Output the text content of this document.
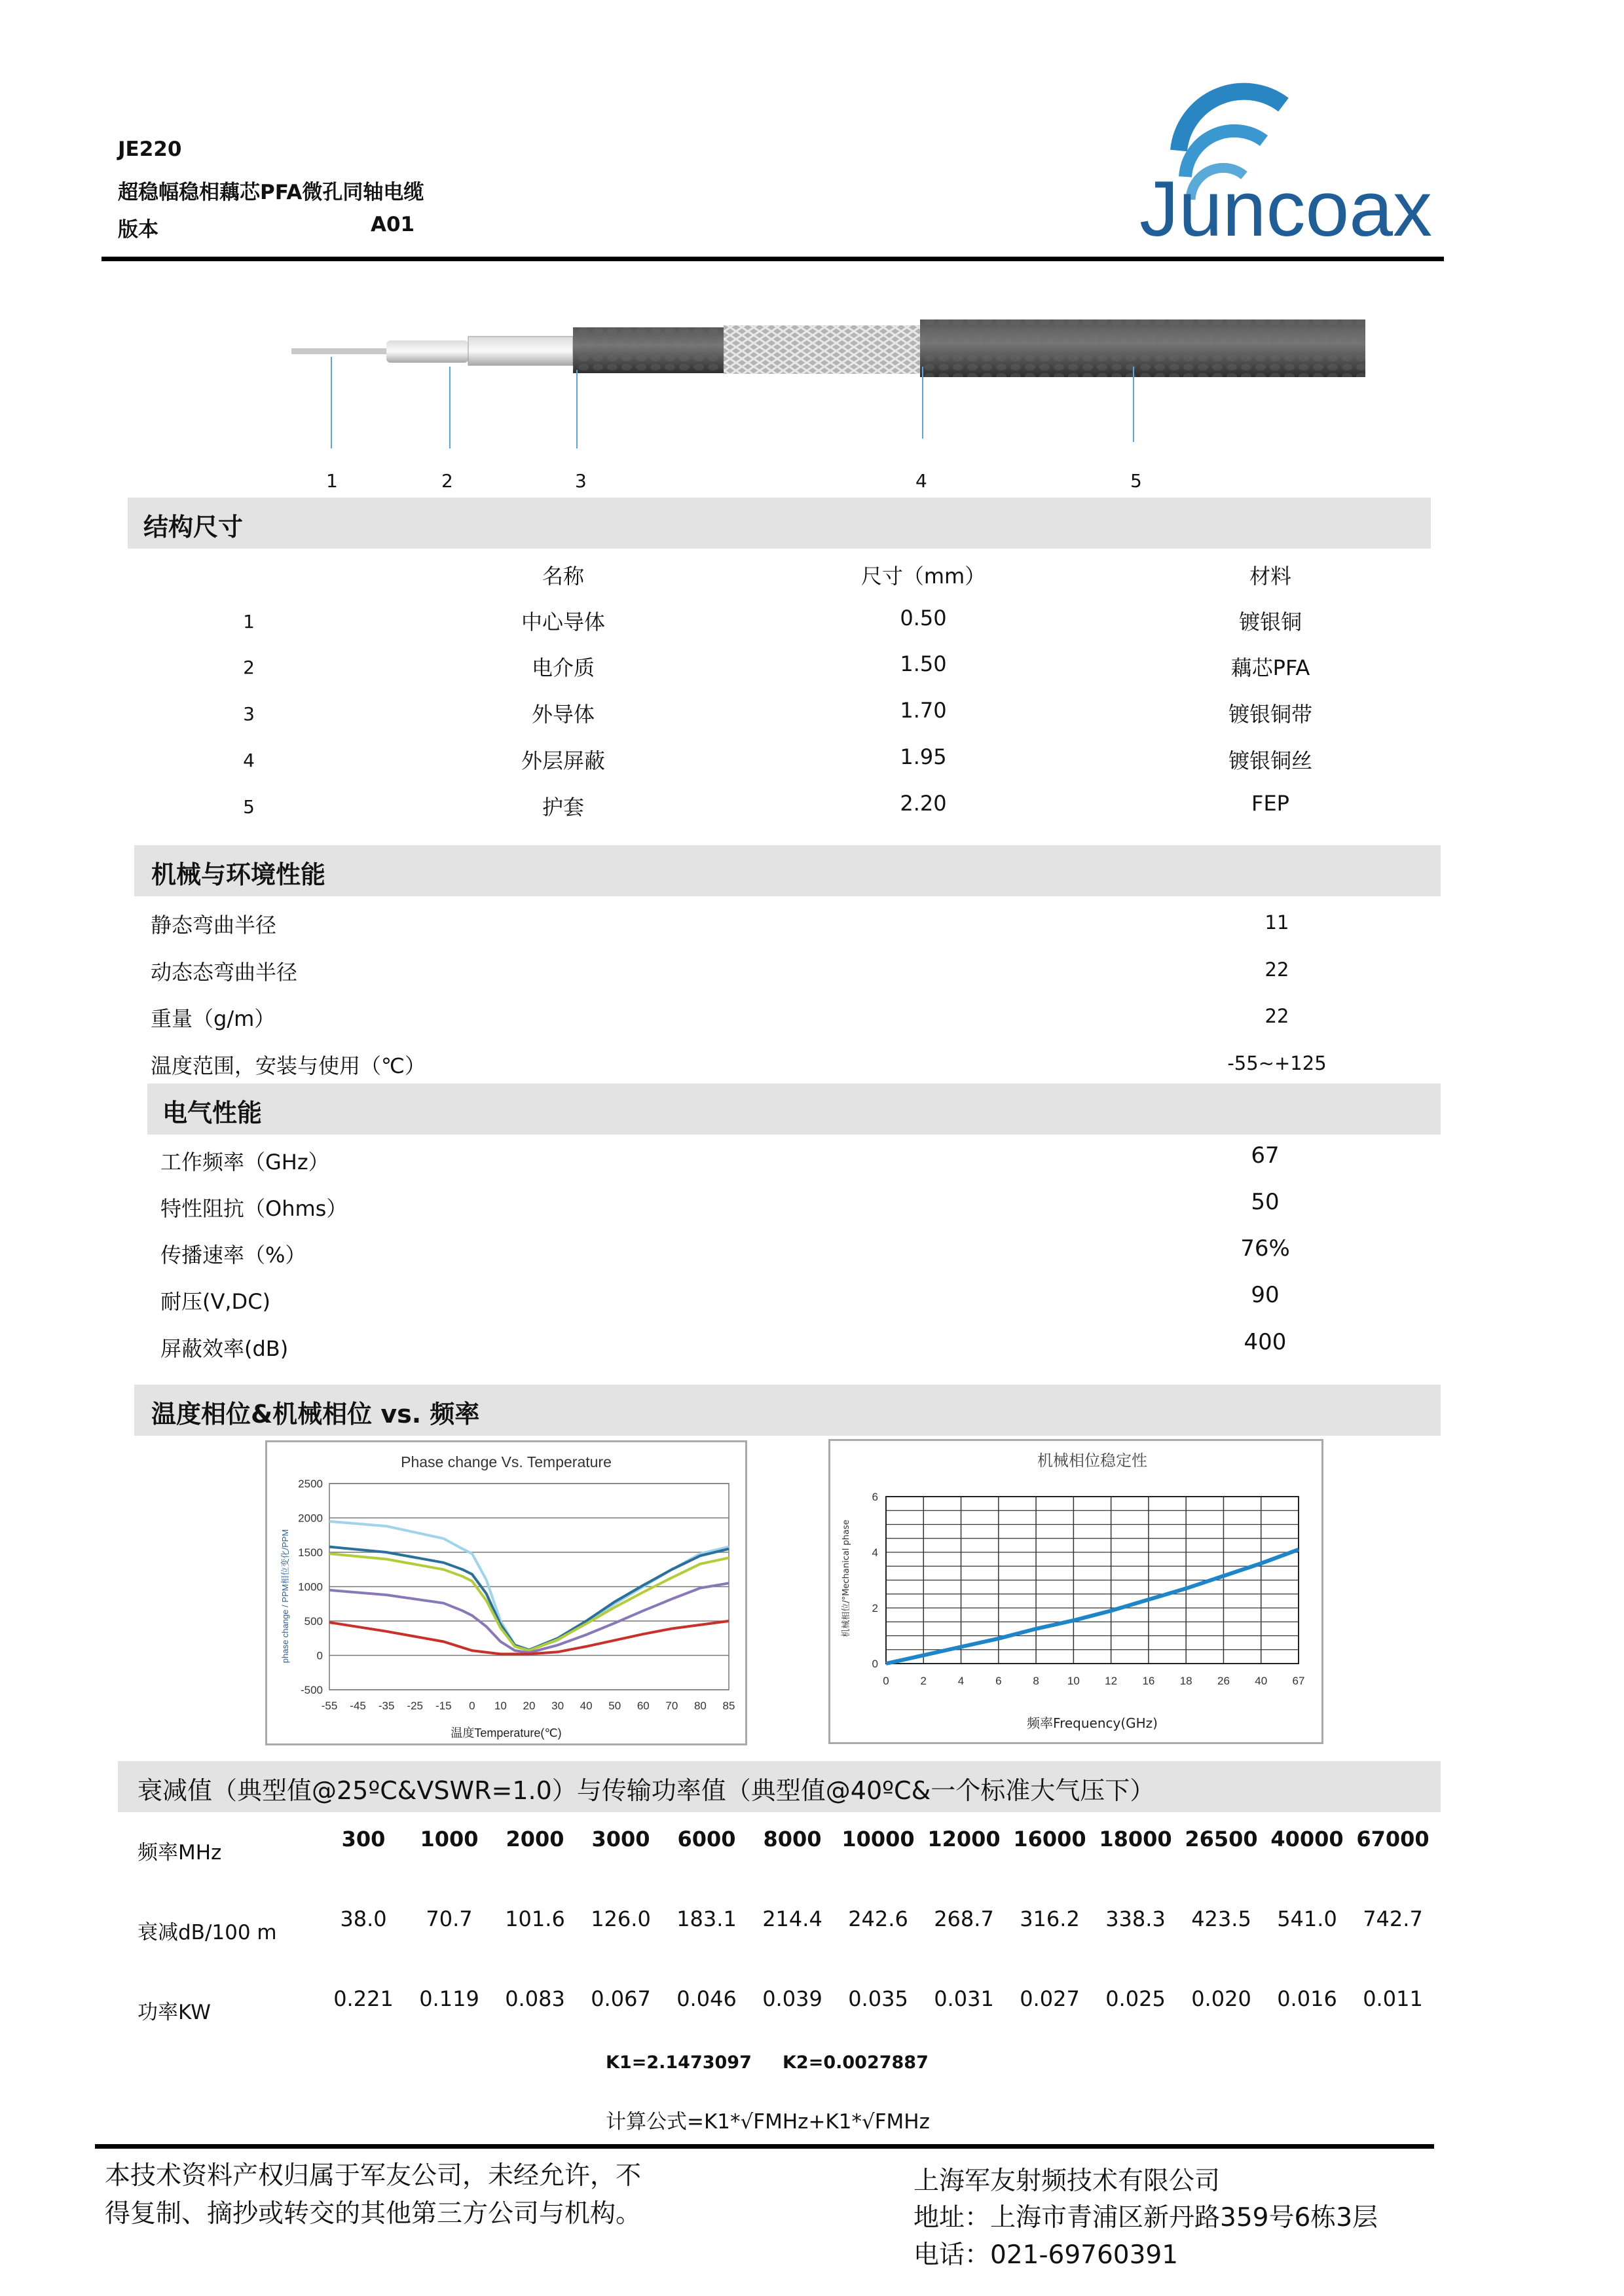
JE220
超稳幅稳相藕芯PFA微孔同轴电缆
版本	A01	Juncoax
1	2	3	4	5
结构尺寸
名称	尺寸（mm）	材料
1	中心导体	0.50	镀银铜
2	电介质	1.50	藕芯PFA
3	外导体	1.70	镀银铜带
4	外层屏蔽	1.95	镀银铜丝
5	护套	2.20	FEP
机械与环境性能
静态弯曲半径	11
动态态弯曲半径	22
重量（g/m）	22
温度范围，安装与使用（℃）	-55~+125
电气性能
工作频率（GHz）	67
特性阻抗（Ohms）	50
传播速率（%）	76%
耐压(V,DC)	90
屏蔽效率(dB)	400
温度相位&机械相位 vs. 频率
Phase change Vs. Temperature
phase change / PPM相位变化/PPM
温度Temperature(℃)
2500
2000
1500
1000
500
0
-500
-55 -45 -35 -25 -15 0 10 20 30 40 50 60 70 80 85
机械相位稳定性
机械相位/°Mechanical phase
频率Frequency(GHz)
0
2
4
6
0	2	4	6	8	10 12 16 18 26 40 67
衰减值（典型值@25ºC&VSWR=1.0）与传输功率值（典型值@40ºC&一个标准大气压下）
频率MHz
300	1000	2000	3000	6000	8000 10000 12000 16000 18000 26500 40000 67000
衰减dB/100 m
38.0	70.7	101.6	126.0	183.1	214.4	242.6	268.7	316.2	338.3	423.5	541.0	742.7
功率KW
0.221	0.119	0.083	0.067	0.046	0.039	0.035	0.031	0.027	0.025	0.020	0.016	0.011
K1=2.1473097 K2=0.0027887
计算公式=K1*√FMHz+K1*√FMHz
本技术资料产权归属于军友公司，未经允许，不得复制、摘抄或转交的其他第三方公司与机构。
上海军友射频技术有限公司
地址：上海市青浦区新丹路359号6栋3层
电话：021-69760391
